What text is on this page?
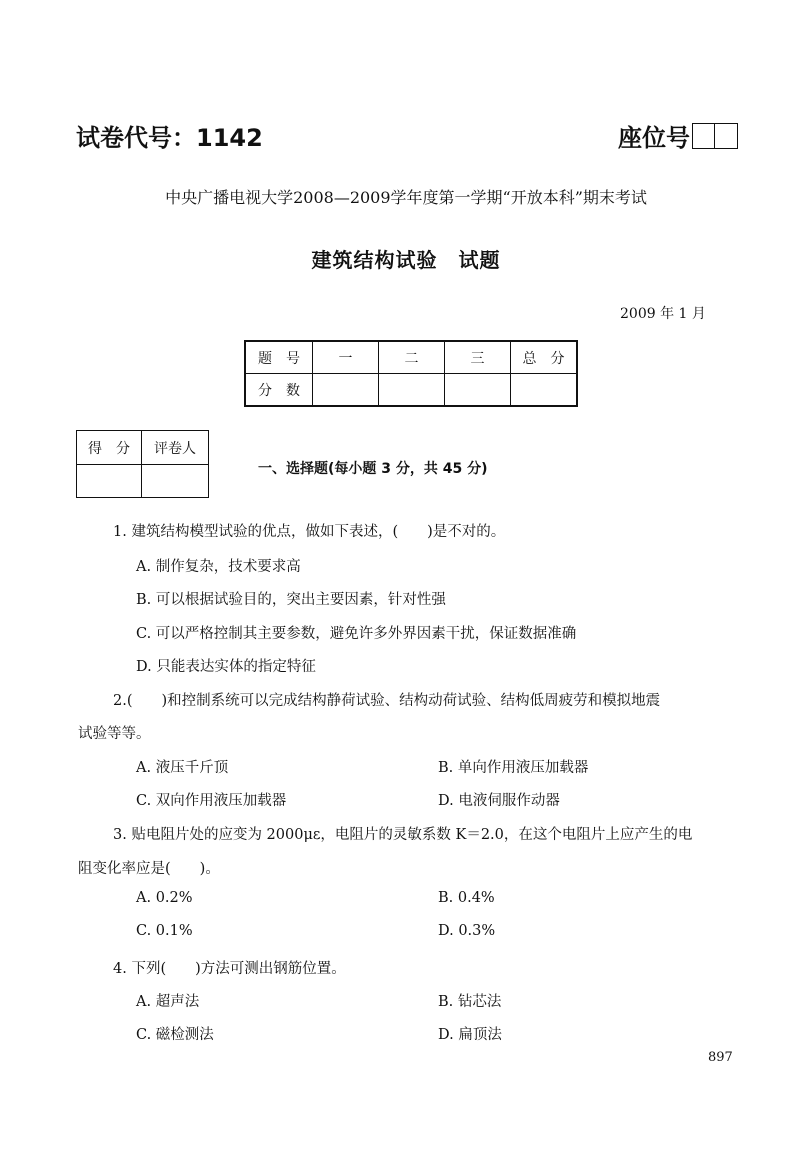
试卷代号：1142	座位号
中央广播电视大学2008—2009学年度第一学期“开放本科”期末考试
建筑结构试验　试题
2009 年 1 月
题　号	一	二	三	总　分
分　数				
得　分	评卷人

一、选择题(每小题 3 分，共 45 分)
1. 建筑结构模型试验的优点，做如下表述，(　　)是不对的。
A. 制作复杂，技术要求高
B. 可以根据试验目的，突出主要因素，针对性强
C. 可以严格控制其主要参数，避免许多外界因素干扰，保证数据准确
D. 只能表达实体的指定特征
2.(　　)和控制系统可以完成结构静荷试验、结构动荷试验、结构低周疲劳和模拟地震
试验等等。
A. 液压千斤顶	B. 单向作用液压加载器
C. 双向作用液压加载器	D. 电液伺服作动器
3. 贴电阻片处的应变为 2000με，电阻片的灵敏系数 K＝2.0，在这个电阻片上应产生的电
阻变化率应是(　　)。
A. 0.2%	B. 0.4%
C. 0.1%	D. 0.3%
4. 下列(　　)方法可测出钢筋位置。
A. 超声法	B. 钻芯法
C. 磁检测法	D. 扁顶法
897
